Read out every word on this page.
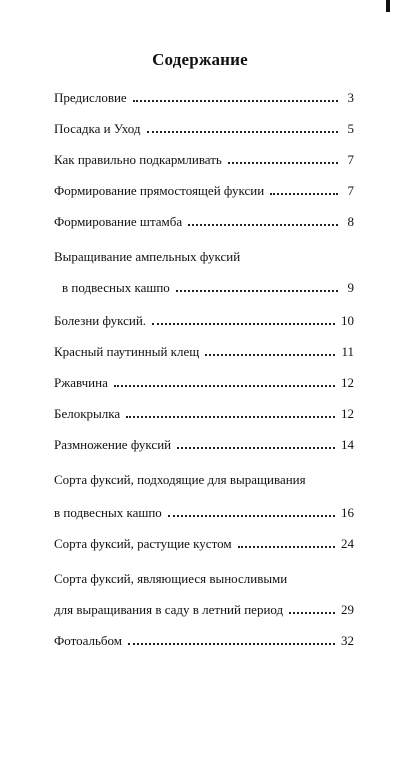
Содержание
Предисловие	3
Посадка и Уход	5
Как правильно подкармливать	7
Формирование прямостоящей фуксии	7
Формирование штамба	8
Выращивание ампельных фуксий
в подвесных кашпо	9
Болезни фуксий.	10
Красный паутинный клещ	11
Ржавчина	12
Белокрылка	12
Размножение фуксий	14
Сорта фуксий, подходящие для выращивания
в подвесных кашпо	16
Сорта фуксий, растущие кустом	24
Сорта фуксий, являющиеся выносливыми
для выращивания в саду в летний период	29
Фотоальбом	32
